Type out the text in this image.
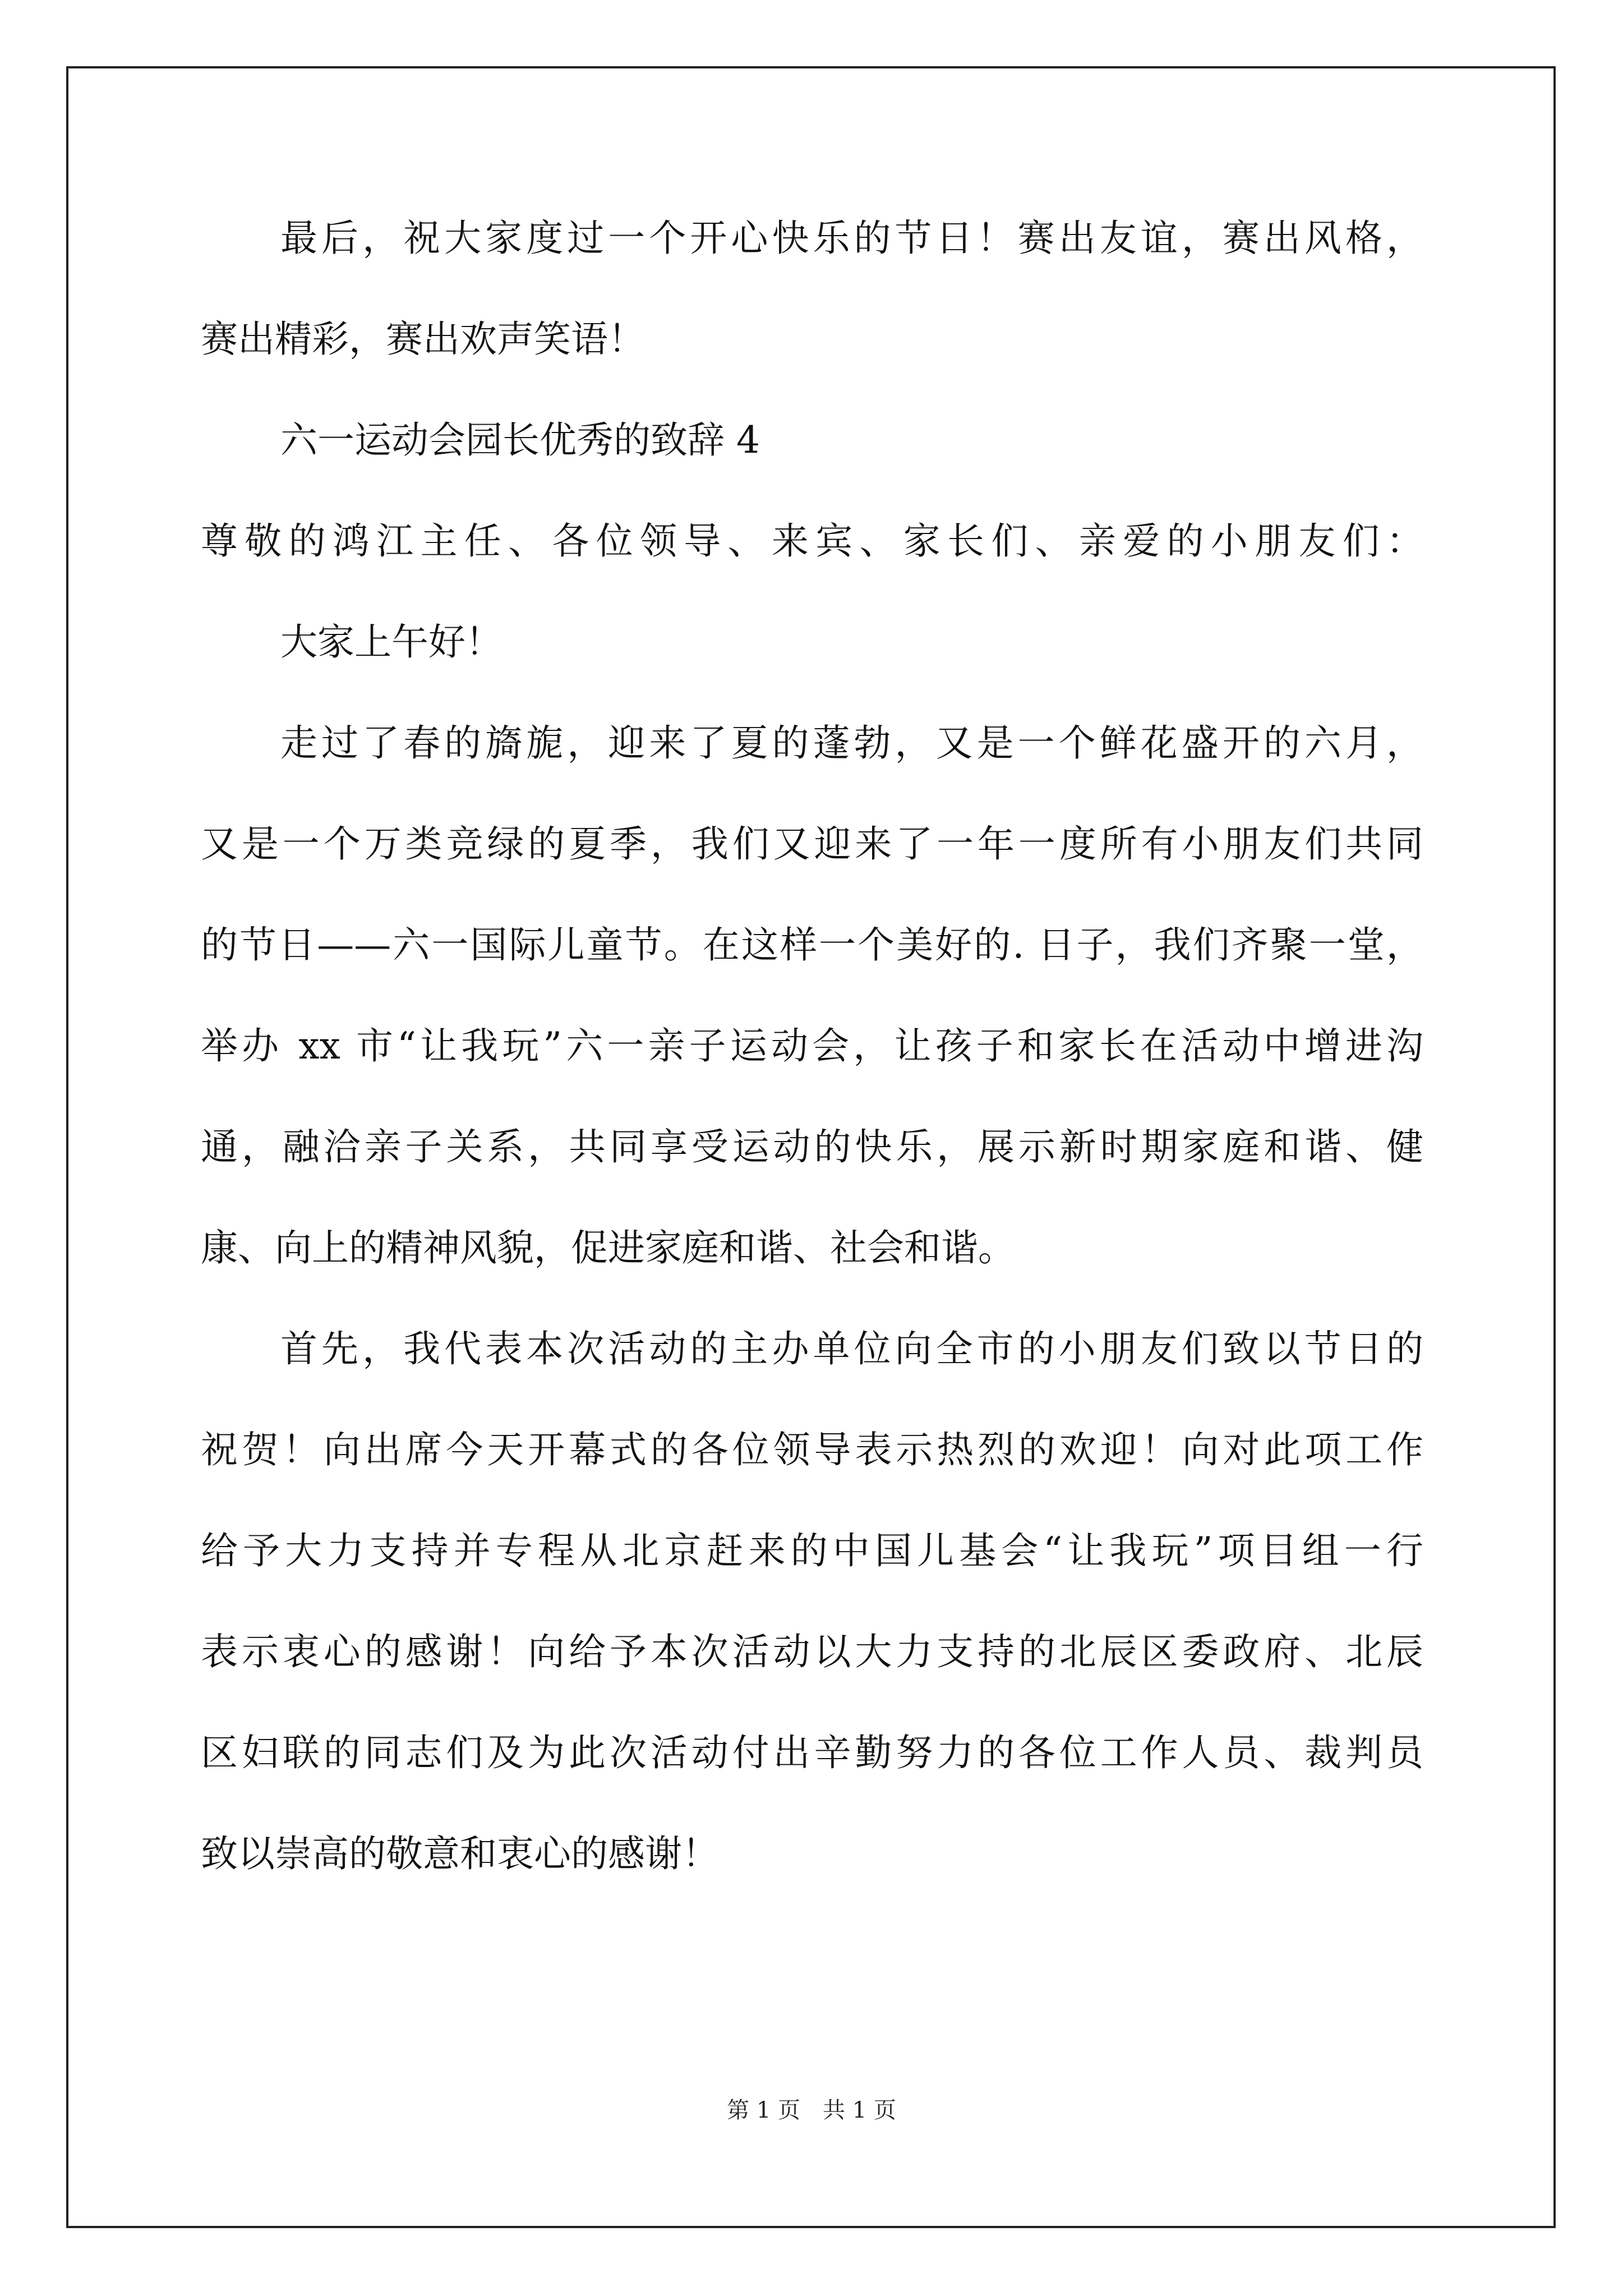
最后，祝大家度过一个开心快乐的节日！赛出友谊，赛出风格，
赛出精彩，赛出欢声笑语！
六一运动会园长优秀的致辞 4
尊敬的鸿江主任、各位领导、来宾、家长们、亲爱的小朋友们：
大家上午好！
走过了春的旖旎，迎来了夏的蓬勃，又是一个鲜花盛开的六月，
又是一个万类竞绿的夏季，我们又迎来了一年一度所有小朋友们共同
的节日——六一国际儿童节。在这样一个美好的. 日子，我们齐聚一堂，
举办 xx 市“让我玩”六一亲子运动会，让孩子和家长在活动中增进沟
通，融洽亲子关系，共同享受运动的快乐，展示新时期家庭和谐、健
康、向上的精神风貌，促进家庭和谐、社会和谐。
首先，我代表本次活动的主办单位向全市的小朋友们致以节日的
祝贺！向出席今天开幕式的各位领导表示热烈的欢迎！向对此项工作
给予大力支持并专程从北京赶来的中国儿基会“让我玩”项目组一行
表示衷心的感谢！向给予本次活动以大力支持的北辰区委政府、北辰
区妇联的同志们及为此次活动付出辛勤努力的各位工作人员、裁判员
致以崇高的敬意和衷心的感谢！
第 1 页　共 1 页
